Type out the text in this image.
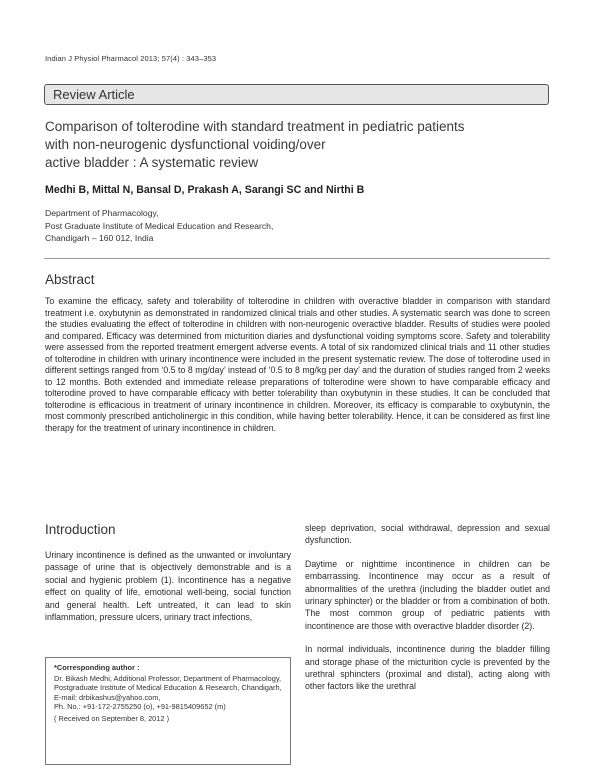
Indian J Physiol Pharmacol 2013; 57(4) : 343–353
Review Article
Comparison of tolterodine with standard treatment in pediatric patients
with non-neurogenic dysfunctional voiding/over
active bladder : A systematic review
Medhi B, Mittal N, Bansal D, Prakash A, Sarangi SC and Nirthi B
Department of Pharmacology,
Post Graduate Institute of Medical Education and Research,
Chandigarh – 160 012, India
Abstract
To examine the efficacy, safety and tolerability of tolterodine in children with overactive bladder in comparison with standard treatment i.e. oxybutynin as demonstrated in randomized clinical trials and other studies. A systematic search was done to screen the studies evaluating the effect of tolterodine in children with non-neurogenic overactive bladder. Results of studies were pooled and compared. Efficacy was determined from micturition diaries and dysfunctional voiding symptoms score. Safety and tolerability were assessed from the reported treatment emergent adverse events. A total of six randomized clinical trials and 11 other studies of tolterodine in children with urinary incontinence were included in the present systematic review. The dose of tolterodine used in different settings ranged from ‘0.5 to 8 mg/day’ instead of ‘0.5 to 8 mg/kg per day’ and the duration of studies ranged from 2 weeks to 12 months. Both extended and immediate release preparations of tolterodine were shown to have comparable efficacy and tolterodine proved to have comparable efficacy with better tolerability than oxybutynin in these studies. It can be concluded that tolterodine is efficacious in treatment of urinary incontinence in children. Moreover, its efficacy is comparable to oxybutynin, the most commonly prescribed anticholinergic in this condition, while having better tolerability. Hence, it can be considered as first line therapy for the treatment of urinary incontinence in children.
Introduction

Urinary incontinence is defined as the unwanted or involuntary passage of urine that is objectively demonstrable and is a social and hygienic problem (1). Incontinence has a negative effect on quality of life, emotional well-being, social function and general health. Left untreated, it can lead to skin inflammation, pressure ulcers, urinary tract infections,

sleep deprivation, social withdrawal, depression and sexual dysfunction.

Daytime or nighttime incontinence in children can be embarrassing. Incontinence may occur as a result of abnormalities of the urethra (including the bladder outlet and urinary sphincter) or the bladder or from a combination of both. The most common group of pediatric patients with incontinence are those with overactive bladder disorder (2).

In normal individuals, incontinence during the bladder filling and storage phase of the micturition cycle is prevented by the urethral sphincters (proximal and distal), acting along with other factors like the urethral

*Corresponding author :
Dr. Bikash Medhi, Additional Professor, Department of Pharmacology, Postgraduate Institute of Medical Education & Research, Chandigarh, E-mail: drbikashus@yahoo.com,
Ph. No.: +91-172-2755250 (o), +91-9815409652 (m)
( Received on September 8, 2012 )
